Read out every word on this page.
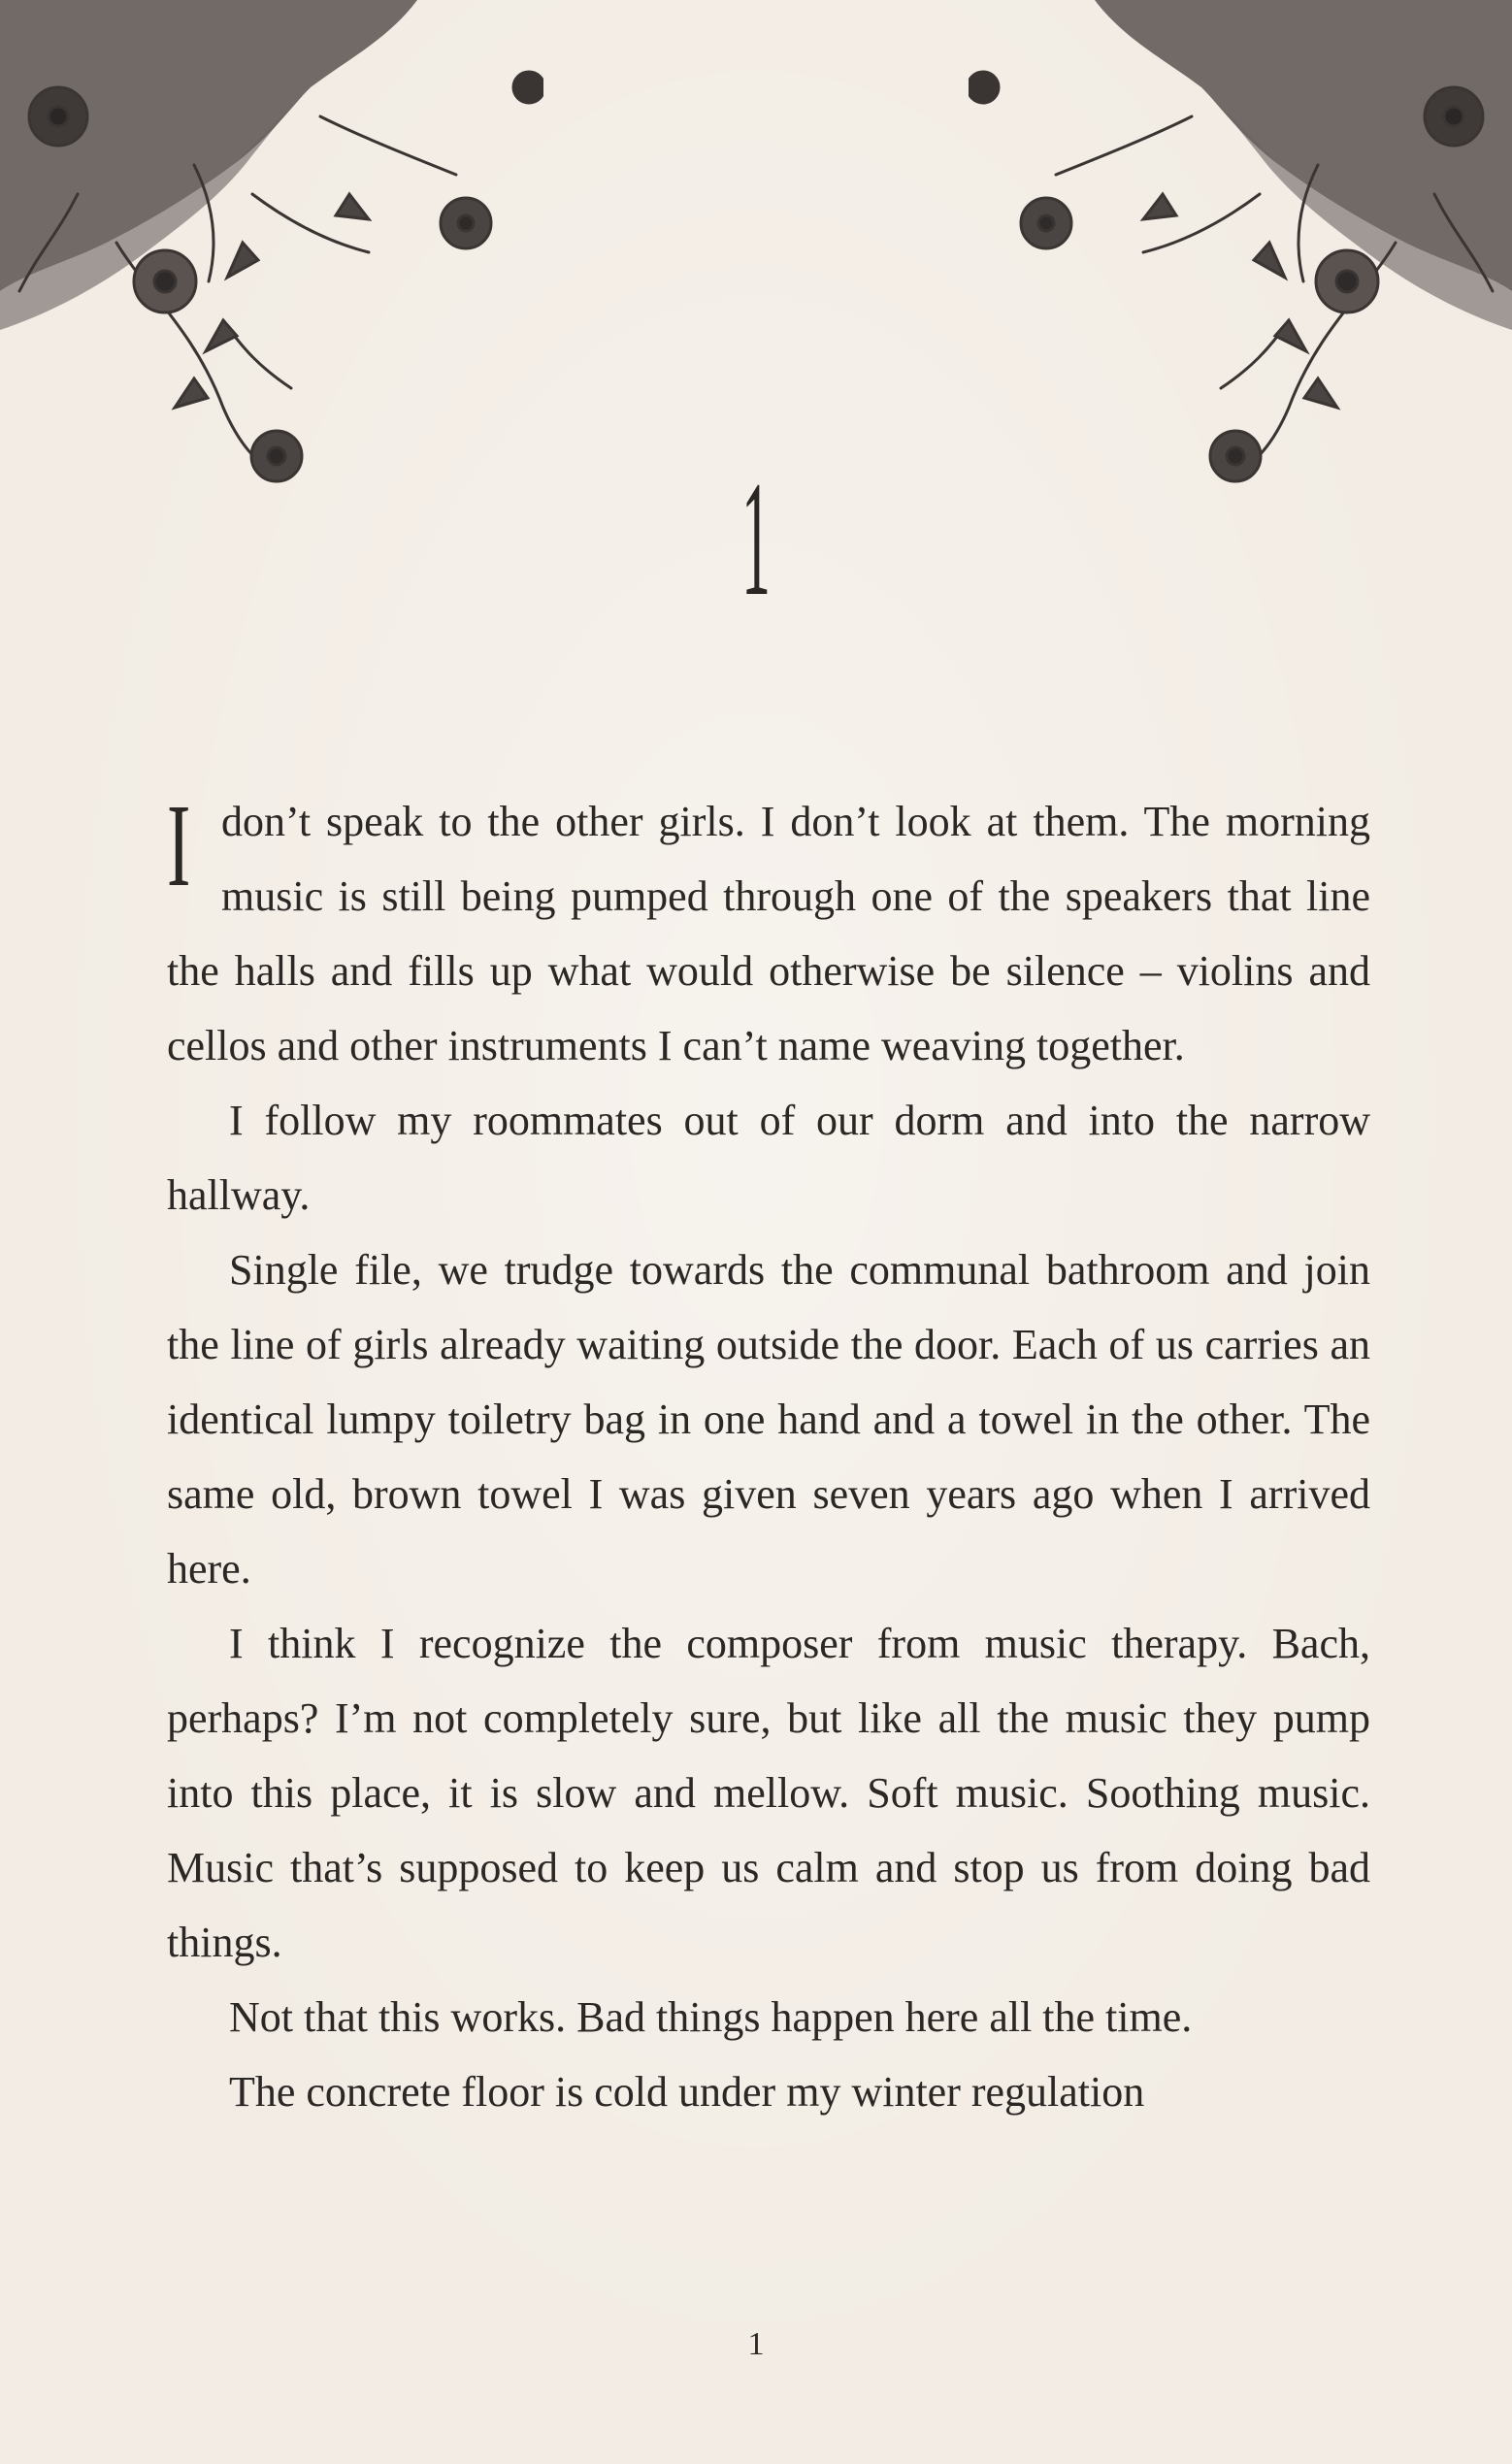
1

Idon’t speak to the other girls. I don’t look at them. The morning music is still being pumped through one of the speakers that line the halls and fills up what would otherwise be silence – violins and cellos and other instruments I can’t name weaving together.

I follow my roommates out of our dorm and into the narrow hallway.

Single file, we trudge towards the communal bathroom and join the line of girls already waiting outside the door. Each of us carries an identical lumpy toiletry bag in one hand and a towel in the other. The same old, brown towel I was given seven years ago when I arrived here.

I think I recognize the composer from music therapy. Bach, perhaps? I’m not completely sure, but like all the music they pump into this place, it is slow and mellow. Soft music. Soothing music. Music that’s supposed to keep us calm and stop us from doing bad things.

Not that this works. Bad things happen here all the time.

The concrete floor is cold under my winter regulation

1
